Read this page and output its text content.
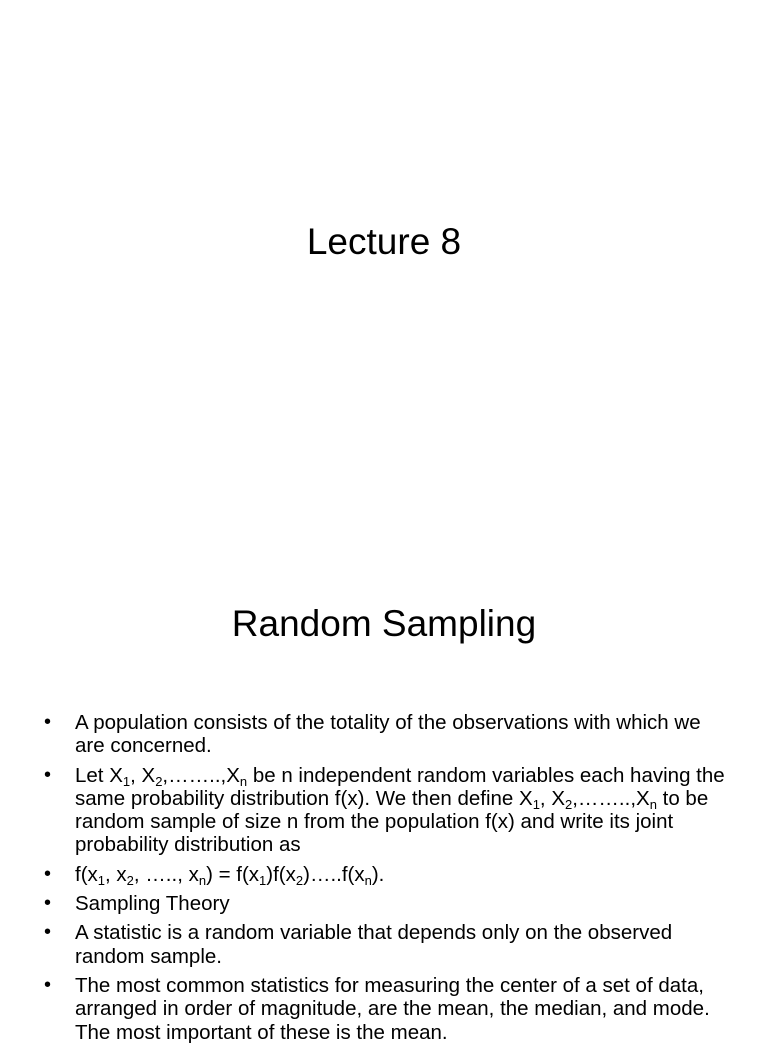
Lecture 8
Random Sampling
•	A population consists of the totality of the observations with which we are concerned.
•	Let $X_1$, $X_2,\dots\dots..,X_n$ be n independent random variables each having the same probability distribution f(x). We then define $X_1$, $X_2,\dots\dots..,X_n$ to be random sample of size n from the population f(x) and write its joint probability distribution as
•	$f(x_1$, $x_2$, ….., $x_n$) = $f(x_1)f(x_2)\dots..f(x_n)$.
•	Sampling Theory
•	A statistic is a random variable that depends only on the observed random sample.
•	The most common statistics for measuring the center of a set of data, arranged in order of magnitude, are the mean, the median, and mode. The most important of these is the mean.
